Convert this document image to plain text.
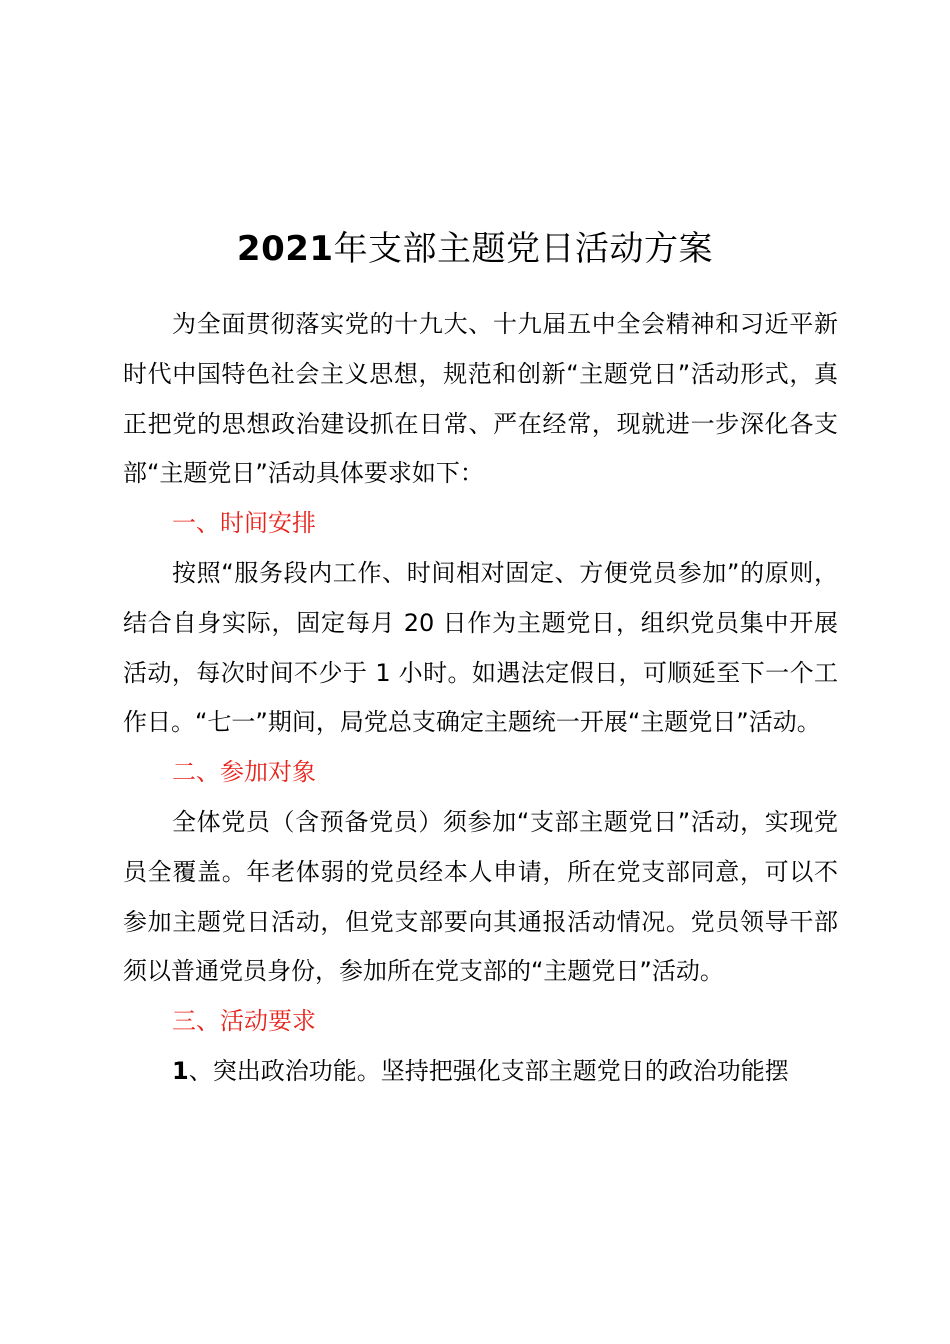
2021年支部主题党日活动方案

为全面贯彻落实党的十九大、十九届五中全会精神和习近平新时代中国特色社会主义思想，规范和创新“主题党日”活动形式，真正把党的思想政治建设抓在日常、严在经常，现就进一步深化各支部“主题党日”活动具体要求如下：

一、时间安排

按照“服务段内工作、时间相对固定、方便党员参加”的原则，结合自身实际，固定每月 20 日作为主题党日，组织党员集中开展活动，每次时间不少于 1 小时。如遇法定假日，可顺延至下一个工作日。“七一”期间，局党总支确定主题统一开展“主题党日”活动。

二、参加对象

全体党员（含预备党员）须参加“支部主题党日”活动，实现党员全覆盖。年老体弱的党员经本人申请，所在党支部同意，可以不参加主题党日活动，但党支部要向其通报活动情况。党员领导干部须以普通党员身份，参加所在党支部的“主题党日”活动。

三、活动要求

1、突出政治功能。坚持把强化支部主题党日的政治功能摆
